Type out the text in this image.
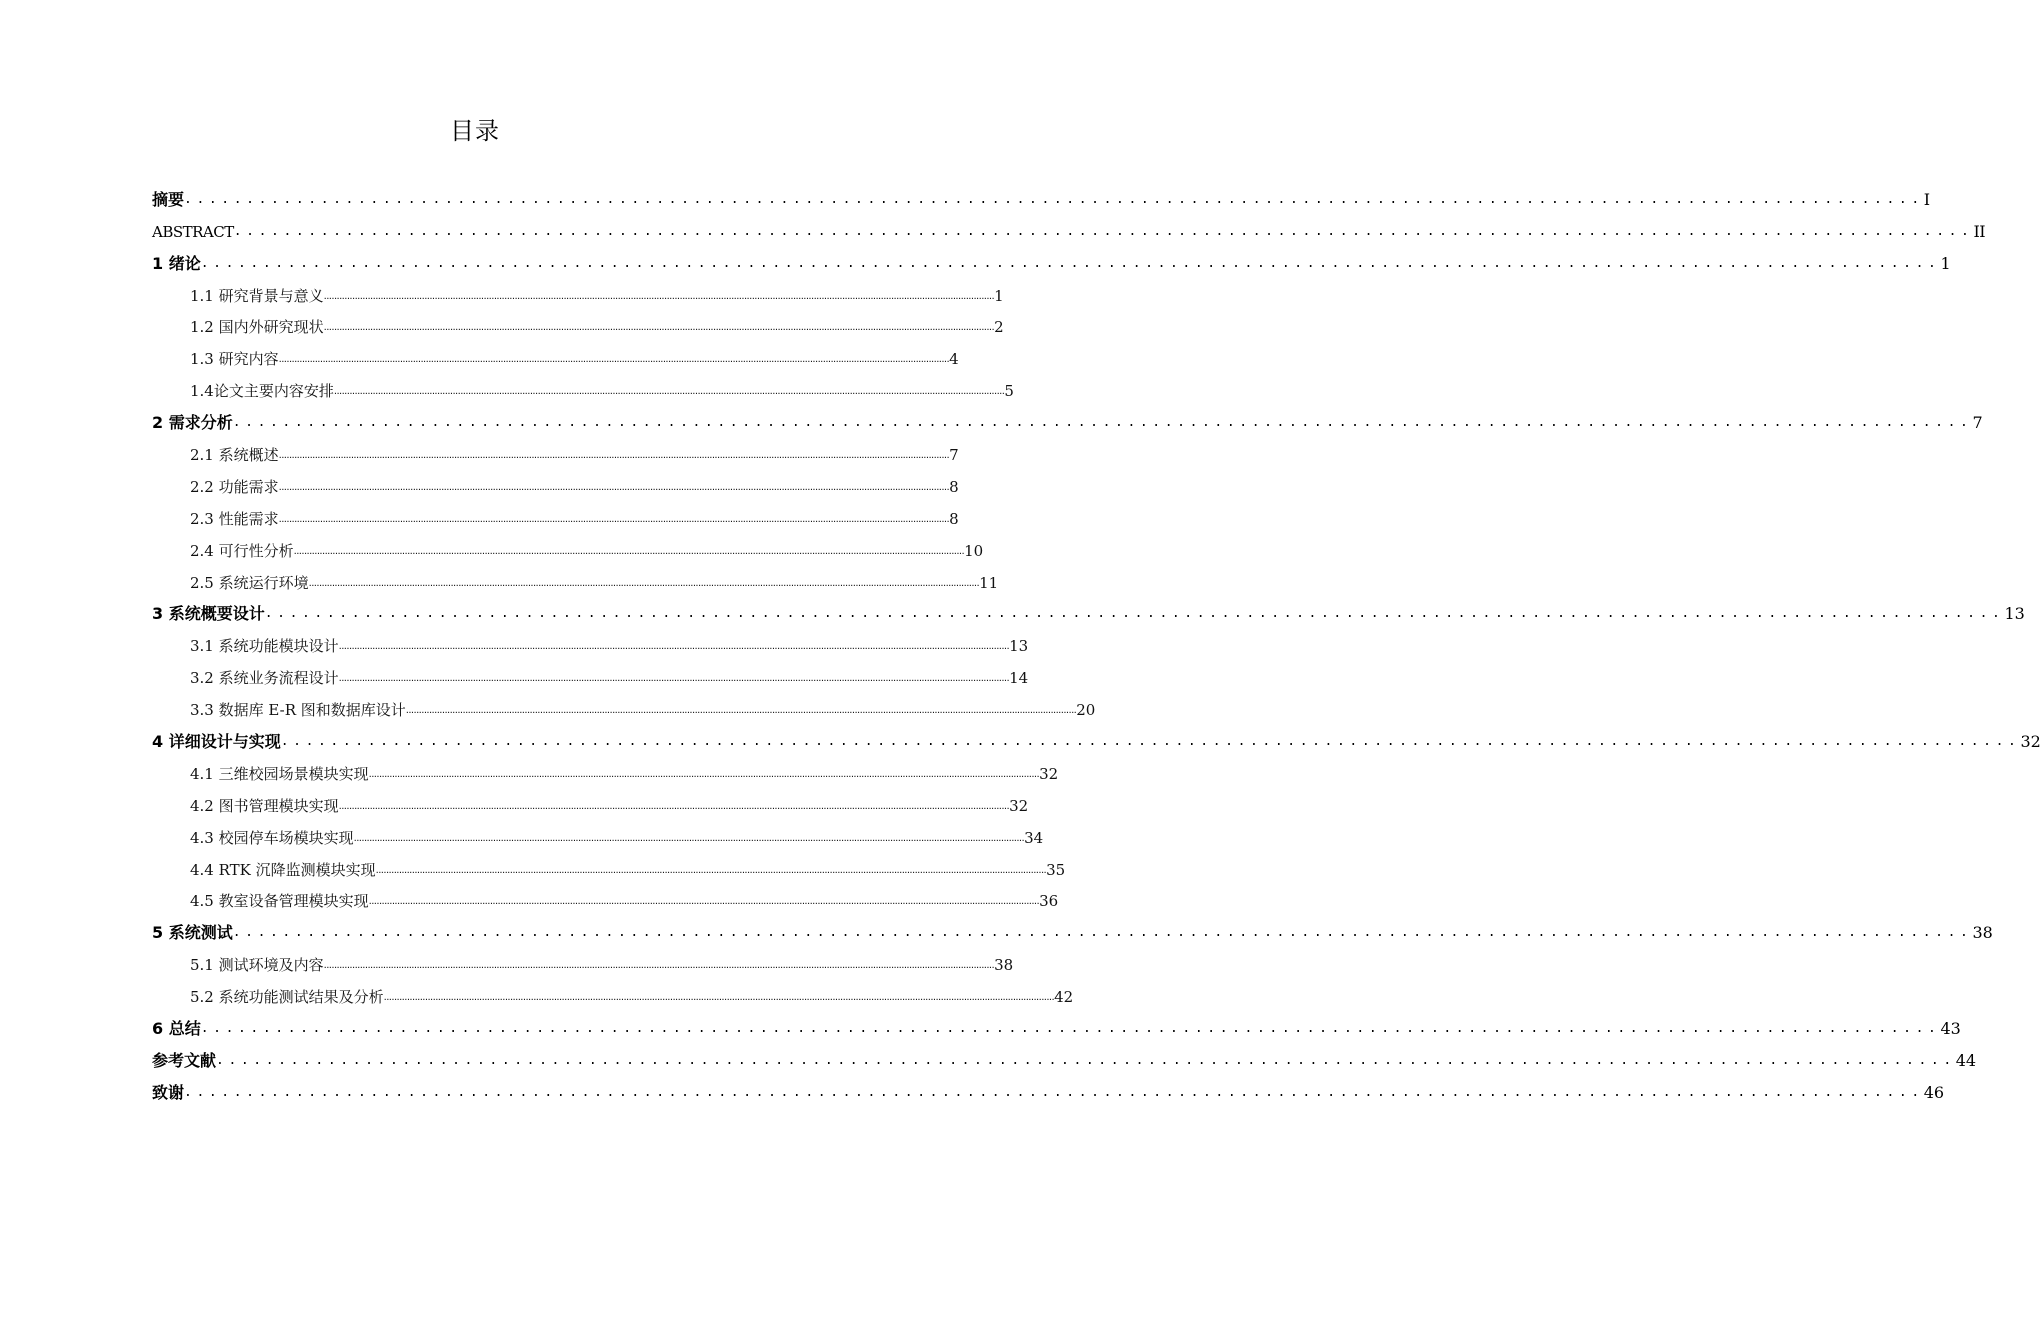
目录
摘要 ............................................................................................................................................ I
ABSTRACT ............................................................................................................................................ II
1 绪论 ............................................................................................................................................ 1
1.1 研究背景与意义 .................................................................................................................................................................................................................................................................... 1
1.2 国内外研究现状 .................................................................................................................................................................................................................................................................... 2
1.3 研究内容 .................................................................................................................................................................................................................................................................... 4
1.4论文主要内容安排 .................................................................................................................................................................................................................................................................... 5
2 需求分析 ............................................................................................................................................ 7
2.1 系统概述 .................................................................................................................................................................................................................................................................... 7
2.2 功能需求 .................................................................................................................................................................................................................................................................... 8
2.3 性能需求 .................................................................................................................................................................................................................................................................... 8
2.4 可行性分析 .................................................................................................................................................................................................................................................................... 10
2.5 系统运行环境 .................................................................................................................................................................................................................................................................... 11
3 系统概要设计 ............................................................................................................................................ 13
3.1 系统功能模块设计 .................................................................................................................................................................................................................................................................... 13
3.2 系统业务流程设计 .................................................................................................................................................................................................................................................................... 14
3.3 数据库 E-R 图和数据库设计 .................................................................................................................................................................................................................................................................... 20
4 详细设计与实现 ............................................................................................................................................ 32
4.1 三维校园场景模块实现 .................................................................................................................................................................................................................................................................... 32
4.2 图书管理模块实现 .................................................................................................................................................................................................................................................................... 32
4.3 校园停车场模块实现 .................................................................................................................................................................................................................................................................... 34
4.4 RTK 沉降监测模块实现 .................................................................................................................................................................................................................................................................... 35
4.5 教室设备管理模块实现 .................................................................................................................................................................................................................................................................... 36
5 系统测试 ............................................................................................................................................ 38
5.1 测试环境及内容 .................................................................................................................................................................................................................................................................... 38
5.2 系统功能测试结果及分析 .................................................................................................................................................................................................................................................................... 42
6 总结 ............................................................................................................................................ 43
参考文献 ............................................................................................................................................ 44
致谢 ............................................................................................................................................ 46
